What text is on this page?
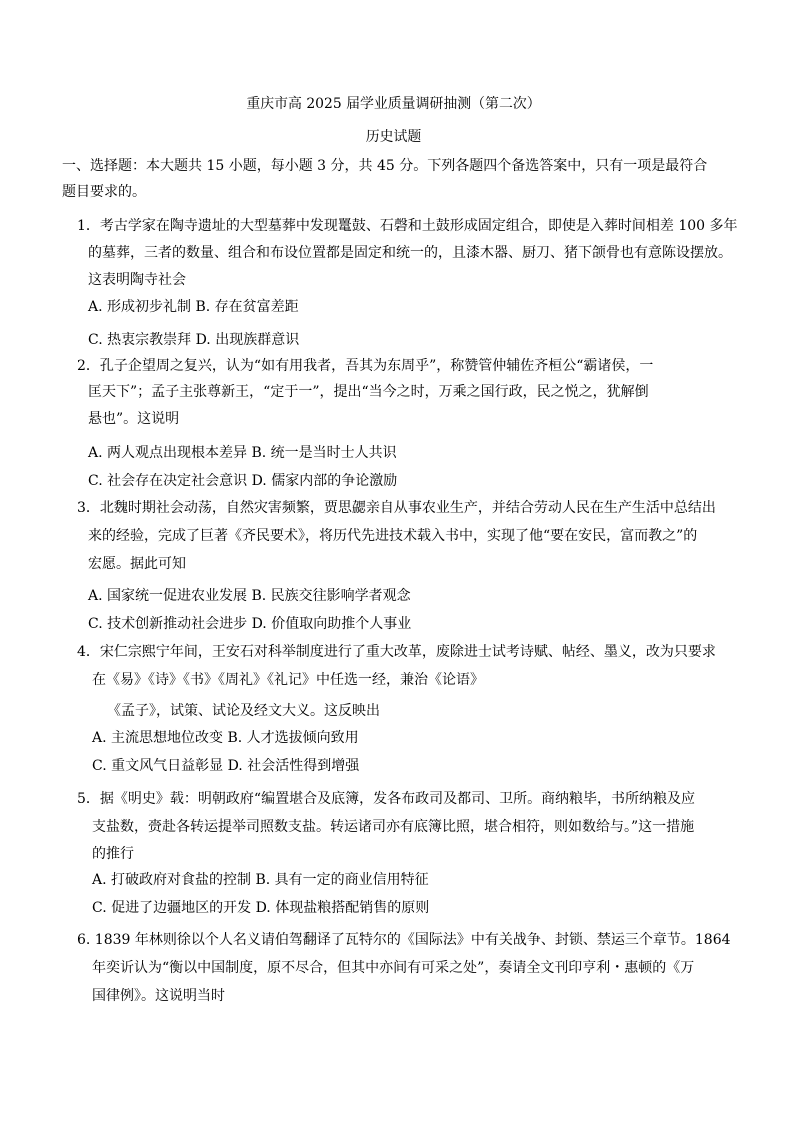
重庆市高 2025 届学业质量调研抽测（第二次）
历史试题
一、选择题：本大题共 15 小题，每小题 3 分，共 45 分。下列各题四个备选答案中，只有一项是最符合
题目要求的。
1．考古学家在陶寺遗址的大型墓葬中发现鼍鼓、石磬和土鼓形成固定组合，即使是入葬时间相差 100 多年
的墓葬，三者的数量、组合和布设位置都是固定和统一的，且漆木器、厨刀、猪下颌骨也有意陈设摆放。
这表明陶寺社会
A. 形成初步礼制 B. 存在贫富差距
C. 热衷宗教崇拜 D. 出现族群意识
2．孔子企望周之复兴，认为“如有用我者，吾其为东周乎”，称赞管仲辅佐齐桓公“霸诸侯，一
匡天下”；孟子主张尊新王，“定于一”，提出“当今之时，万乘之国行政，民之悦之，犹解倒
悬也”。这说明
A. 两人观点出现根本差异 B. 统一是当时士人共识
C. 社会存在决定社会意识 D. 儒家内部的争论激励
3．北魏时期社会动荡，自然灾害频繁，贾思勰亲自从事农业生产，并结合劳动人民在生产生活中总结出
来的经验，完成了巨著《齐民要术》，将历代先进技术载入书中，实现了他“要在安民，富而教之”的
宏愿。据此可知
A. 国家统一促进农业发展 B. 民族交往影响学者观念
C. 技术创新推动社会进步 D. 价值取向助推个人事业
4．宋仁宗熙宁年间，王安石对科举制度进行了重大改革，废除进士试考诗赋、帖经、墨义，改为只要求
在《易》《诗》《书》《周礼》《礼记》中任选一经，兼治《论语》
《孟子》，试策、试论及经文大义。这反映出
A. 主流思想地位改变 B. 人才选拔倾向致用
C. 重文风气日益彰显 D. 社会活性得到增强
5．据《明史》载：明朝政府“编置堪合及底簿，发各布政司及都司、卫所。商纳粮毕，书所纳粮及应
支盐数，赍赴各转运提举司照数支盐。转运诸司亦有底簿比照，堪合相符，则如数给与。”这一措施
的推行
A. 打破政府对食盐的控制 B. 具有一定的商业信用特征
C. 促进了边疆地区的开发 D. 体现盐粮搭配销售的原则
6. 1839 年林则徐以个人名义请伯驾翻译了瓦特尔的《国际法》中有关战争、封锁、禁运三个章节。1864
年奕䜣认为“衡以中国制度，原不尽合，但其中亦间有可采之处”，奏请全文刊印亨利・惠顿的《万
国律例》。这说明当时
